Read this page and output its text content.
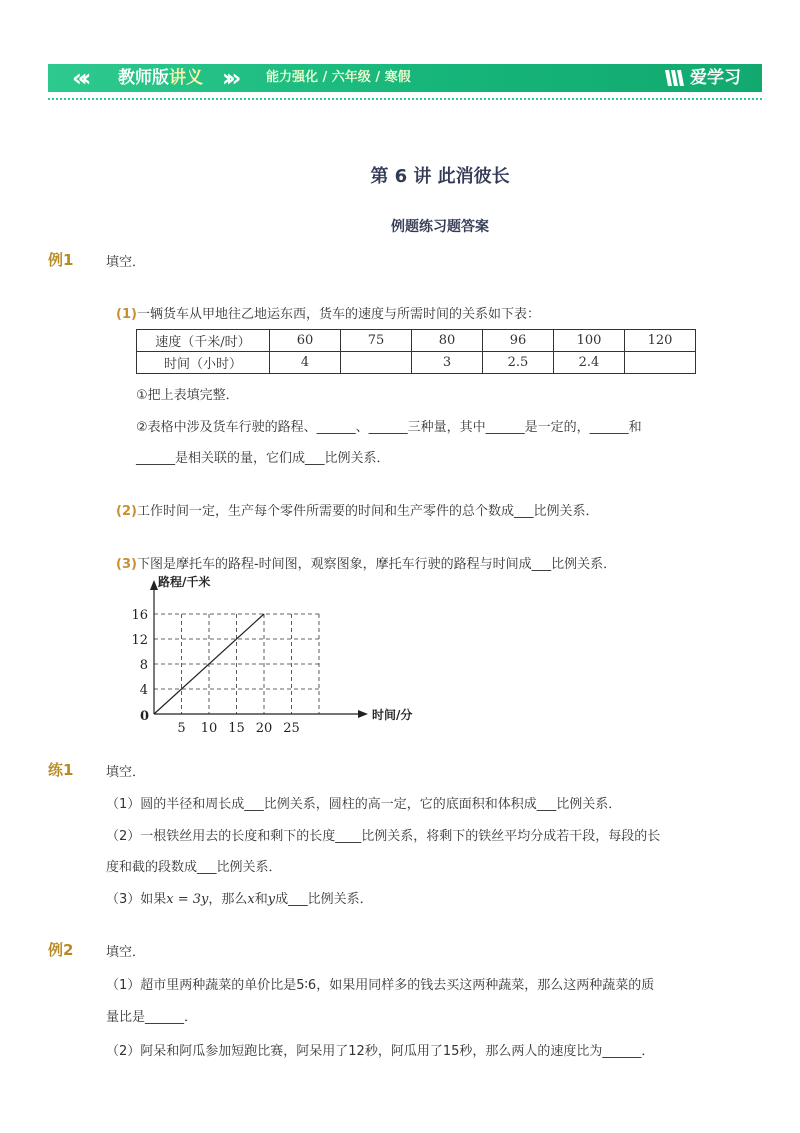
«‹ 教师版讲义 ›» 能力强化 / 六年级 / 寒假	爱学习
第 6 讲 此消彼长
例题练习题答案
例1	填空．
(1)一辆货车从甲地往乙地运东西，货车的速度与所需时间的关系如下表：
速度（千米/时）	60	75	80	96	100	120
时间（小时）	4		3	2.5	2.4	
①把上表填完整．
②表格中涉及货车行驶的路程、______、______三种量，其中______是一定的，______和
______是相关联的量，它们成___比例关系．
(2)工作时间一定，生产每个零件所需要的时间和生产零件的总个数成___比例关系．
(3)下图是摩托车的路程-时间图，观察图象，摩托车行驶的路程与时间成___比例关系．
5 10 15 20 25
4
8
12
16
路程/千米
时间/分
0
练1	填空．
（1）圆的半径和周长成___比例关系，圆柱的高一定，它的底面积和体积成___比例关系．
（2）一根铁丝用去的长度和剩下的长度____比例关系，将剩下的铁丝平均分成若干段，每段的长
度和截的段数成___比例关系．
（3）如果x = 3y，那么x和y成___比例关系．
例2	填空．
（1）超市里两种蔬菜的单价比是5∶6，如果用同样多的钱去买这两种蔬菜，那么这两种蔬菜的质
量比是______．
（2）阿呆和阿瓜参加短跑比赛，阿呆用了12秒，阿瓜用了15秒，那么两人的速度比为______．
